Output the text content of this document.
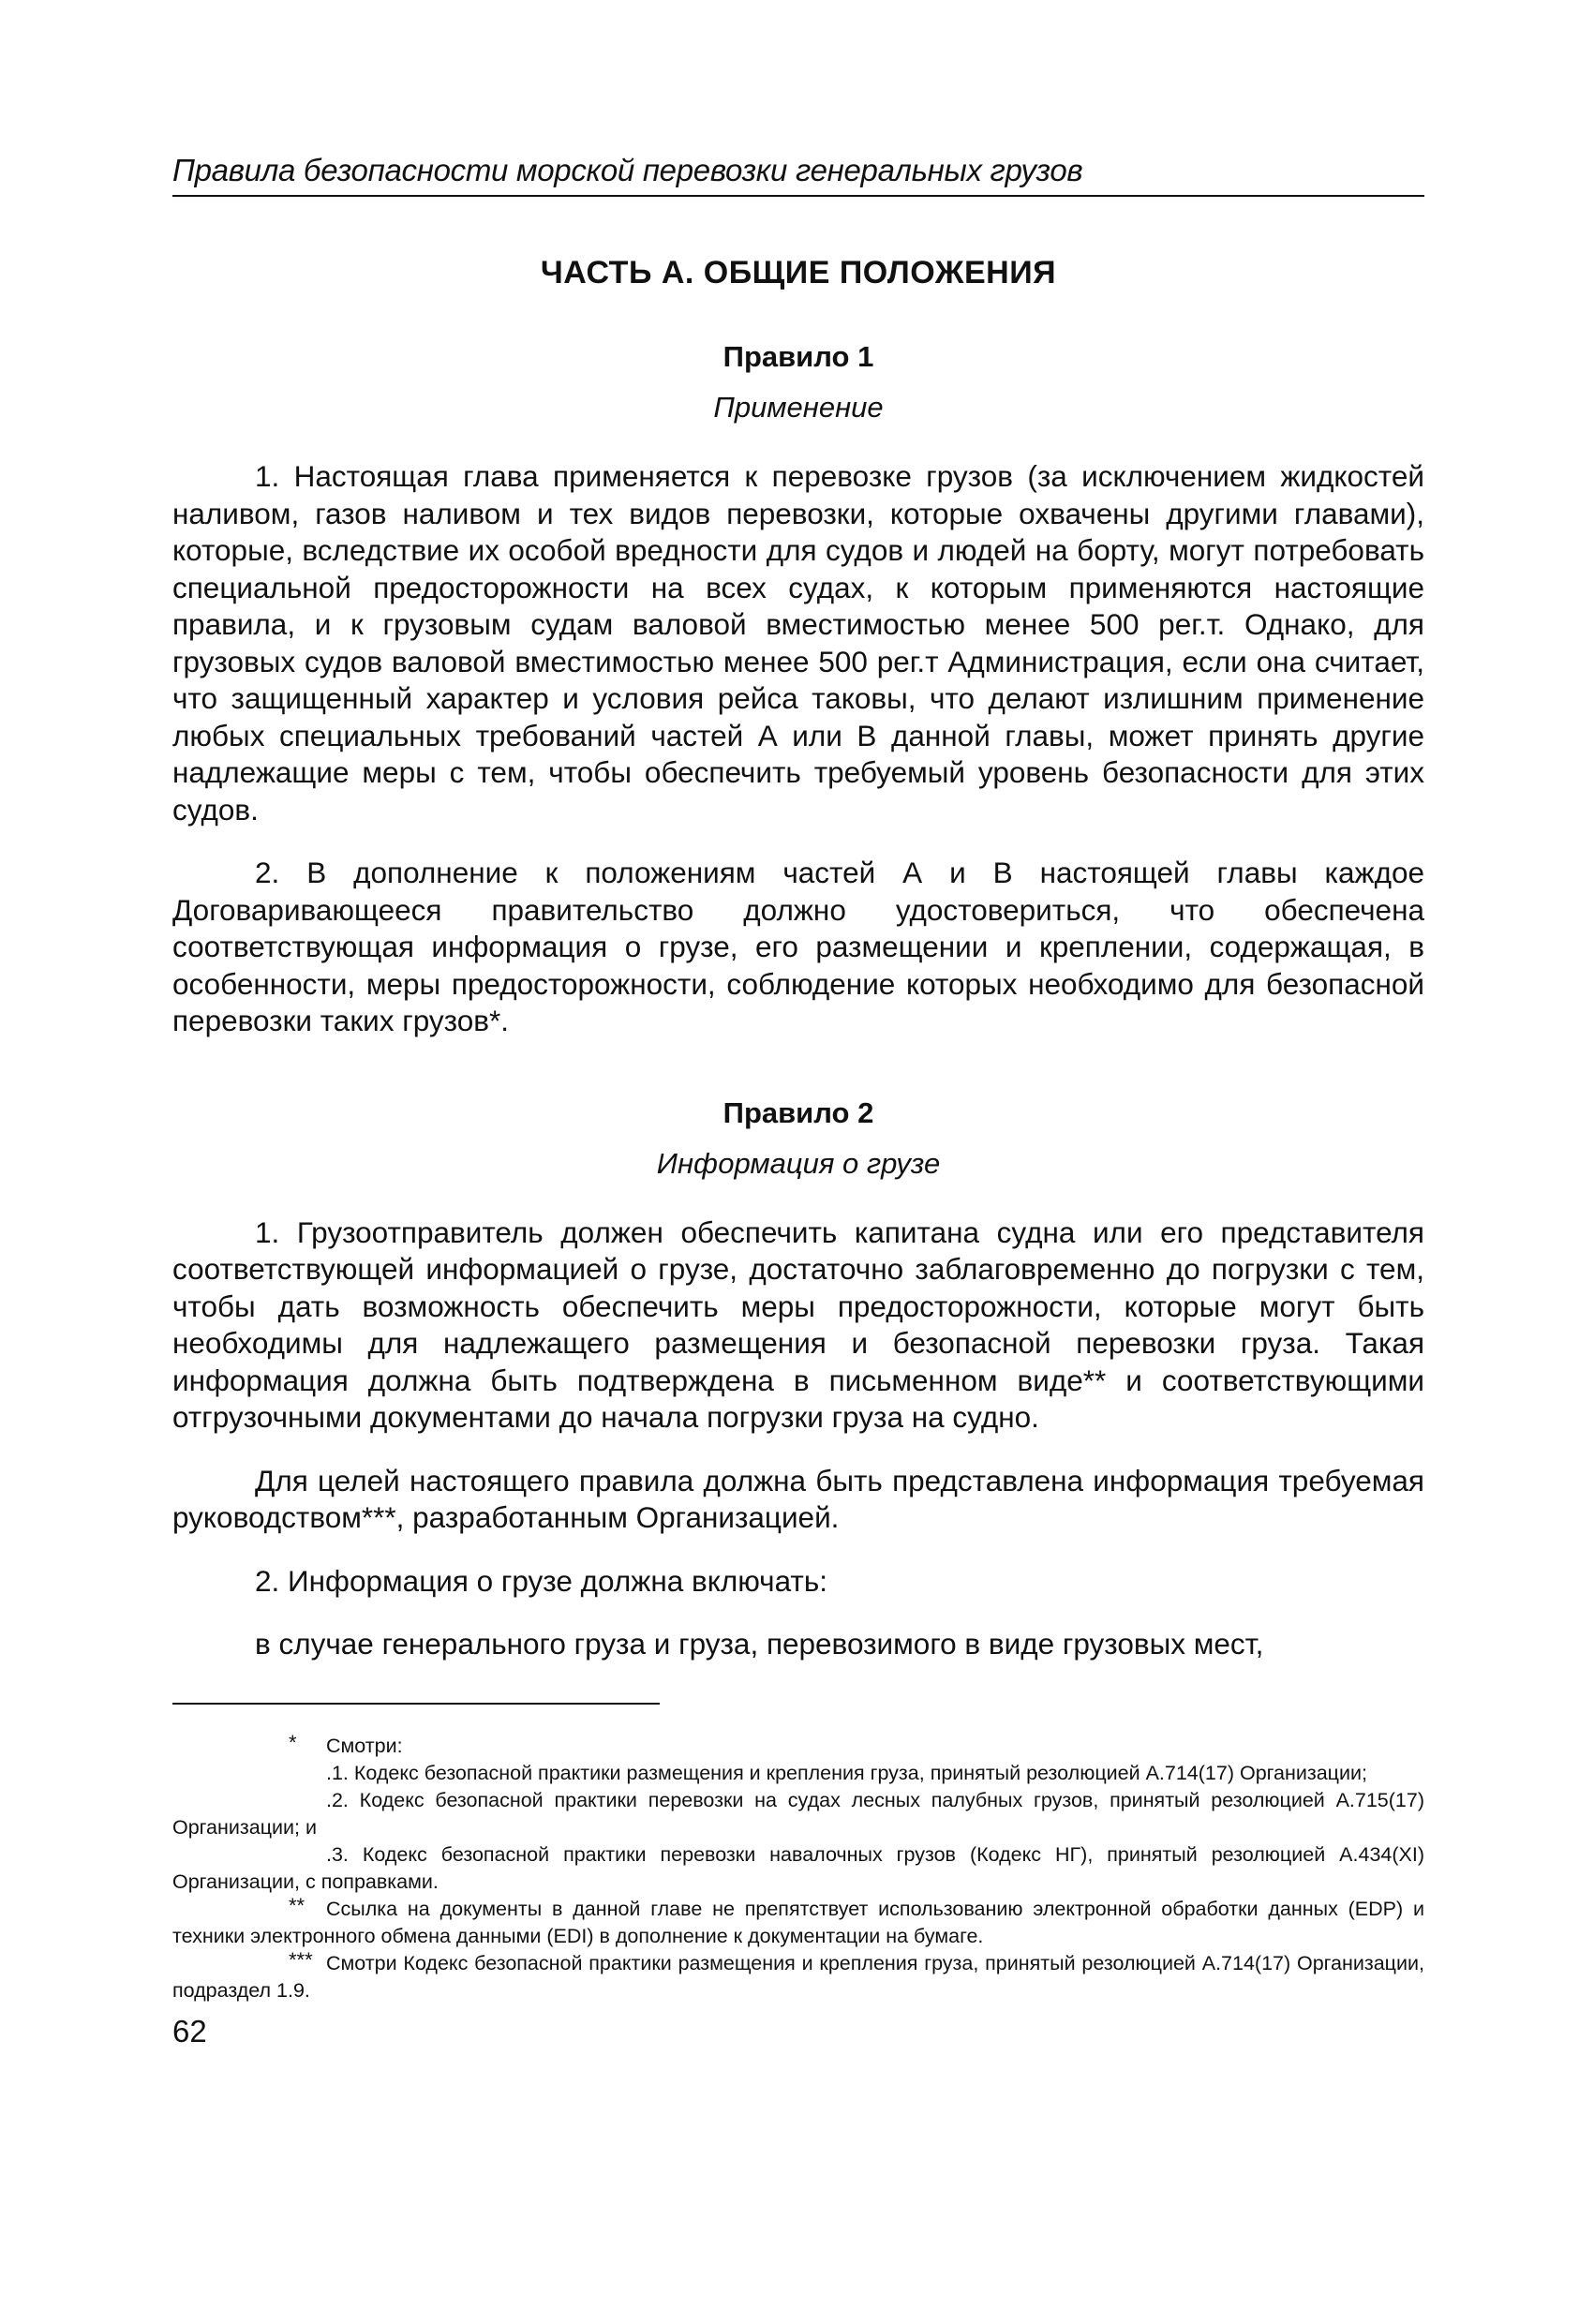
Правила безопасности морской перевозки генеральных грузов
ЧАСТЬ А. ОБЩИЕ ПОЛОЖЕНИЯ
Правило 1
Применение

1. Настоящая глава применяется к перевозке грузов (за исключением жидкостей наливом, газов наливом и тех видов перевозки, которые охвачены другими главами), которые, вследствие их особой вредности для судов и людей на борту, могут потребовать специальной предосторожности на всех судах, к которым применяются настоящие правила, и к грузовым судам валовой вместимостью менее 500 рег.т. Однако, для грузовых судов валовой вместимостью менее 500 рег.т Администрация, если она считает, что защищенный характер и условия рейса таковы, что делают излишним применение любых специальных требований частей А или В данной главы, может принять другие надлежащие меры с тем, чтобы обеспечить требуемый уровень безопасности для этих судов.

2. В дополнение к положениям частей А и В настоящей главы каждое Договаривающееся правительство должно удостовериться, что обеспечена соответствующая информация о грузе, его размещении и креплении, содержащая, в особенности, меры предосторожности, соблюдение которых необходимо для безопасной перевозки таких грузов*.

Правило 2
Информация о грузе

1. Грузоотправитель должен обеспечить капитана судна или его представителя соответствующей информацией о грузе, достаточно заблаговременно до погрузки с тем, чтобы дать возможность обеспечить меры предосторожности, которые могут быть необходимы для надлежащего размещения и безопасной перевозки груза. Такая информация должна быть подтверждена в письменном виде** и соответствующими отгрузочными документами до начала погрузки груза на судно.

Для целей настоящего правила должна быть представлена информация требуемая руководством***, разработанным Организацией.

2. Информация о грузе должна включать:

в случае генерального груза и груза, перевозимого в виде грузовых мест,

* Смотри:

.1. Кодекс безопасной практики размещения и крепления груза, принятый резолюцией А.714(17) Организации;

.2. Кодекс безопасной практики перевозки на судах лесных палубных грузов, принятый резолюцией А.715(17) Организации; и

.3. Кодекс безопасной практики перевозки навалочных грузов (Кодекс НГ), принятый резолюцией А.434(XI) Организации, с поправками.

** Ссылка на документы в данной главе не препятствует использованию электронной обработки данных (EDP) и техники электронного обмена данными (EDI) в дополнение к документации на бумаге.

*** Смотри Кодекс безопасной практики размещения и крепления груза, принятый резолюцией А.714(17) Организации, подраздел 1.9.

62
